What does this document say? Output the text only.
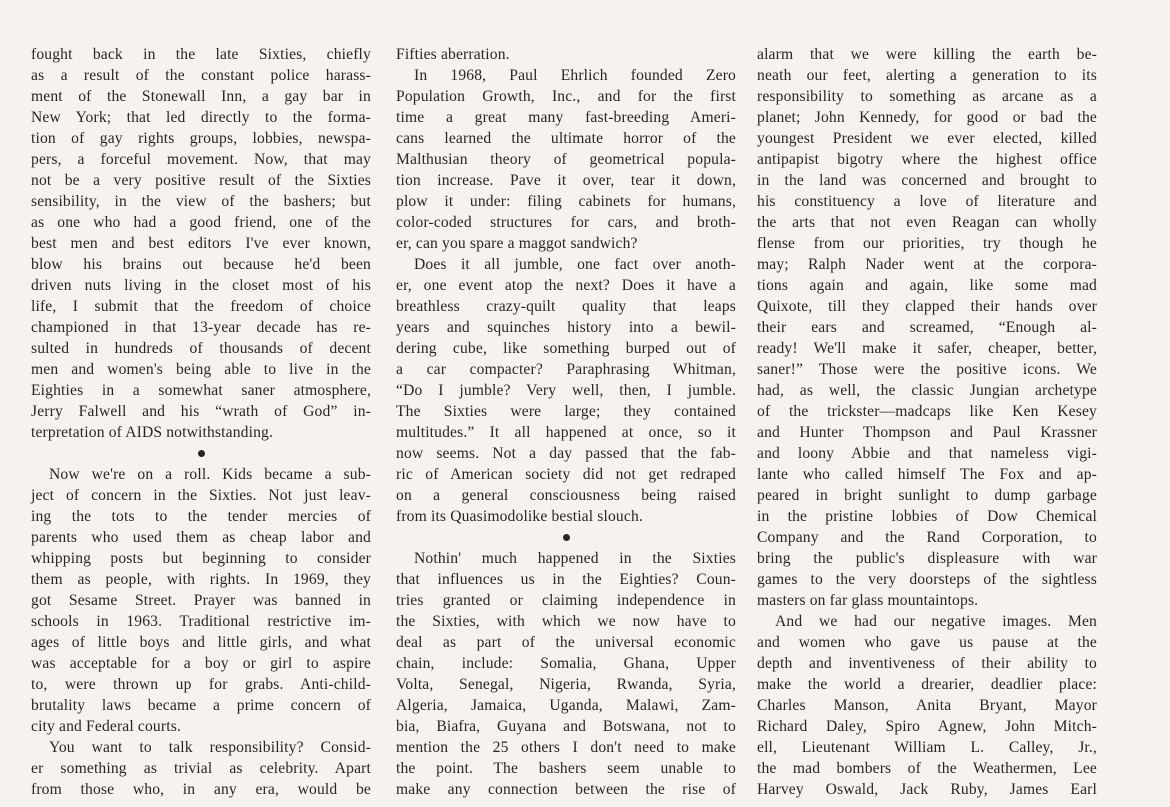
fought back in the late Sixties, chiefly
as a result of the constant police harass-
ment of the Stonewall Inn, a gay bar in
New York; that led directly to the forma-
tion of gay rights groups, lobbies, newspa-
pers, a forceful movement. Now, that may
not be a very positive result of the Sixties
sensibility, in the view of the bashers; but
as one who had a good friend, one of the
best men and best editors I've ever known,
blow his brains out because he'd been
driven nuts living in the closet most of his
life, I submit that the freedom of choice
championed in that 13-year decade has re-
sulted in hundreds of thousands of decent
men and women's being able to live in the
Eighties in a somewhat saner atmosphere,
Jerry Falwell and his “wrath of God” in-
terpretation of AIDS notwithstanding.
Now we're on a roll. Kids became a sub-
ject of concern in the Sixties. Not just leav-
ing the tots to the tender mercies of
parents who used them as cheap labor and
whipping posts but beginning to consider
them as people, with rights. In 1969, they
got Sesame Street. Prayer was banned in
schools in 1963. Traditional restrictive im-
ages of little boys and little girls, and what
was acceptable for a boy or girl to aspire
to, were thrown up for grabs. Anti-child-
brutality laws became a prime concern of
city and Federal courts.
You want to talk responsibility? Consid-
er something as trivial as celebrity. Apart
from those who, in any era, would be
Fifties aberration.
In 1968, Paul Ehrlich founded Zero
Population Growth, Inc., and for the first
time a great many fast-breeding Ameri-
cans learned the ultimate horror of the
Malthusian theory of geometrical popula-
tion increase. Pave it over, tear it down,
plow it under: filing cabinets for humans,
color-coded structures for cars, and broth-
er, can you spare a maggot sandwich?
Does it all jumble, one fact over anoth-
er, one event atop the next? Does it have a
breathless crazy-quilt quality that leaps
years and squinches history into a bewil-
dering cube, like something burped out of
a car compacter? Paraphrasing Whitman,
“Do I jumble? Very well, then, I jumble.
The Sixties were large; they contained
multitudes.” It all happened at once, so it
now seems. Not a day passed that the fab-
ric of American society did not get redraped
on a general consciousness being raised
from its Quasimodolike bestial slouch.
Nothin' much happened in the Sixties
that influences us in the Eighties? Coun-
tries granted or claiming independence in
the Sixties, with which we now have to
deal as part of the universal economic
chain, include: Somalia, Ghana, Upper
Volta, Senegal, Nigeria, Rwanda, Syria,
Algeria, Jamaica, Uganda, Malawi, Zam-
bia, Biafra, Guyana and Botswana, not to
mention the 25 others I don't need to make
the point. The bashers seem unable to
make any connection between the rise of
alarm that we were killing the earth be-
neath our feet, alerting a generation to its
responsibility to something as arcane as a
planet; John Kennedy, for good or bad the
youngest President we ever elected, killed
antipapist bigotry where the highest office
in the land was concerned and brought to
his constituency a love of literature and
the arts that not even Reagan can wholly
flense from our priorities, try though he
may; Ralph Nader went at the corpora-
tions again and again, like some mad
Quixote, till they clapped their hands over
their ears and screamed, “Enough al-
ready! We'll make it safer, cheaper, better,
saner!” Those were the positive icons. We
had, as well, the classic Jungian archetype
of the trickster—madcaps like Ken Kesey
and Hunter Thompson and Paul Krassner
and loony Abbie and that nameless vigi-
lante who called himself The Fox and ap-
peared in bright sunlight to dump garbage
in the pristine lobbies of Dow Chemical
Company and the Rand Corporation, to
bring the public's displeasure with war
games to the very doorsteps of the sightless
masters on far glass mountaintops.
And we had our negative images. Men
and women who gave us pause at the
depth and inventiveness of their ability to
make the world a drearier, deadlier place:
Charles Manson, Anita Bryant, Mayor
Richard Daley, Spiro Agnew, John Mitch-
ell, Lieutenant William L. Calley, Jr.,
the mad bombers of the Weathermen, Lee
Harvey Oswald, Jack Ruby, James Earl
